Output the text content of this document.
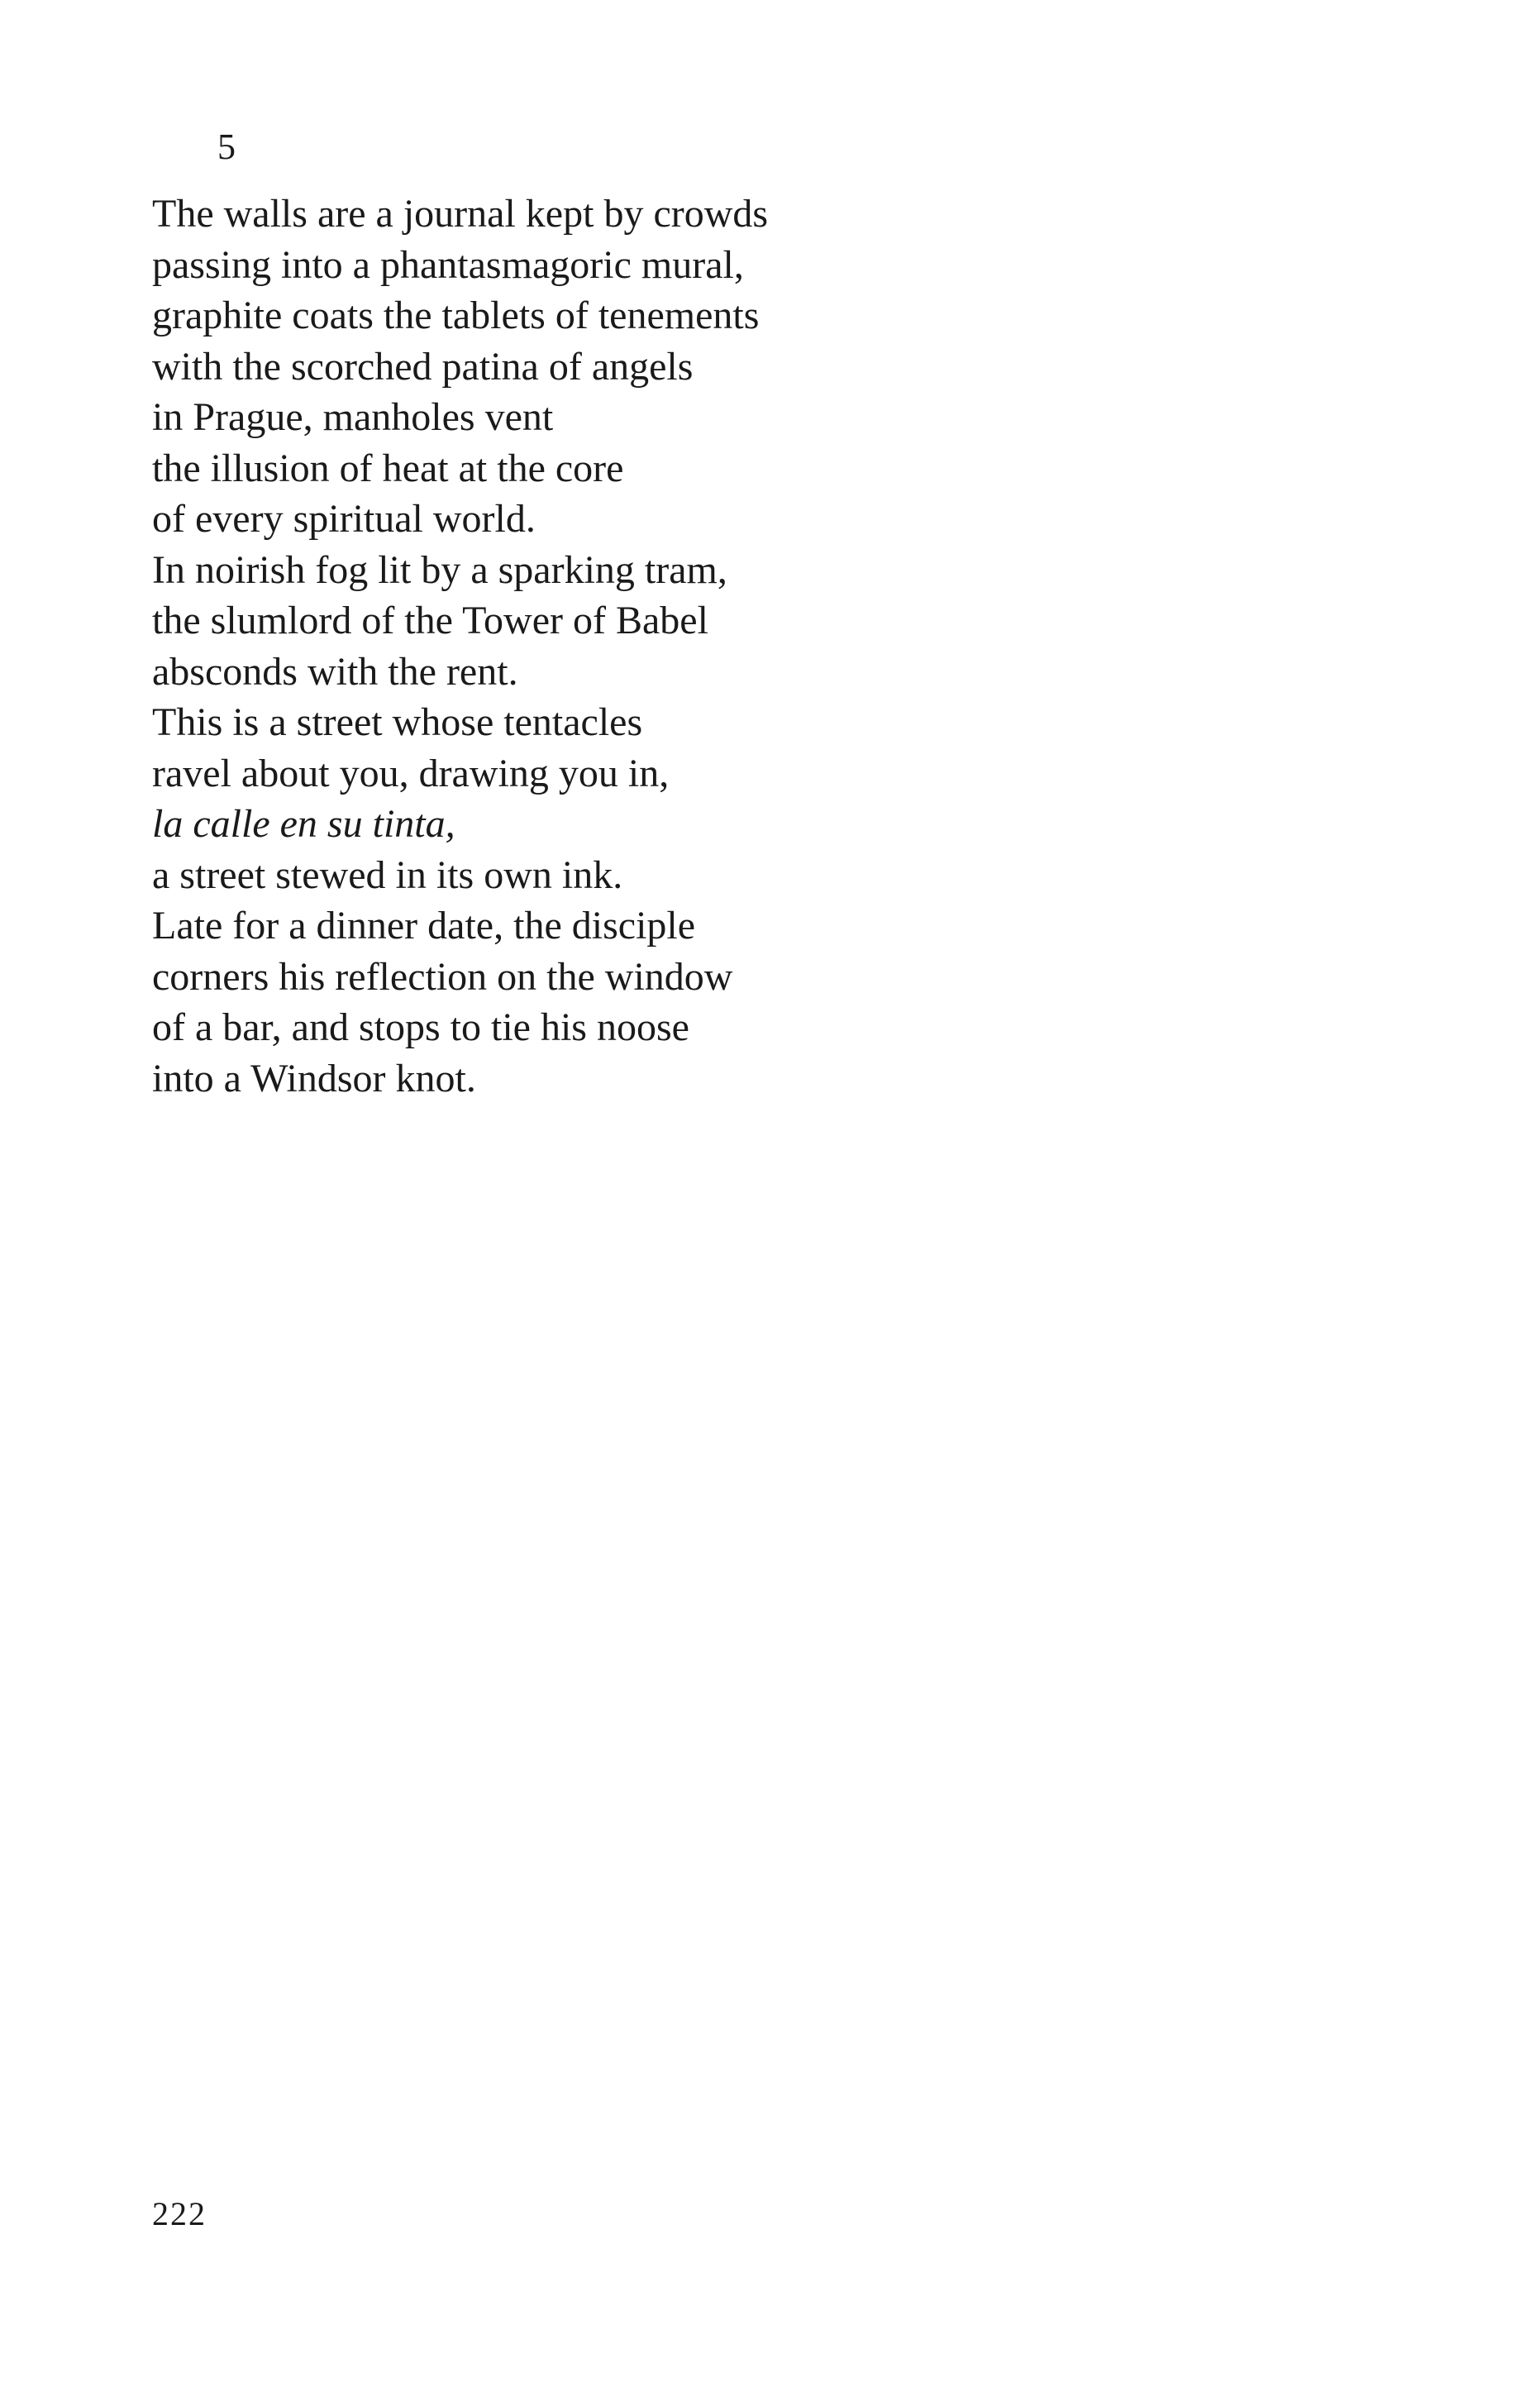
5

The walls are a journal kept by crowds
passing into a phantasmagoric mural,
graphite coats the tablets of tenements
with the scorched patina of angels
in Prague, manholes vent
the illusion of heat at the core
of every spiritual world.
In noirish fog lit by a sparking tram,
the slumlord of the Tower of Babel
absconds with the rent.
This is a street whose tentacles
ravel about you, drawing you in,
la calle en su tinta,
a street stewed in its own ink.
Late for a dinner date, the disciple
corners his reflection on the window
of a bar, and stops to tie his noose
into a Windsor knot.

222
